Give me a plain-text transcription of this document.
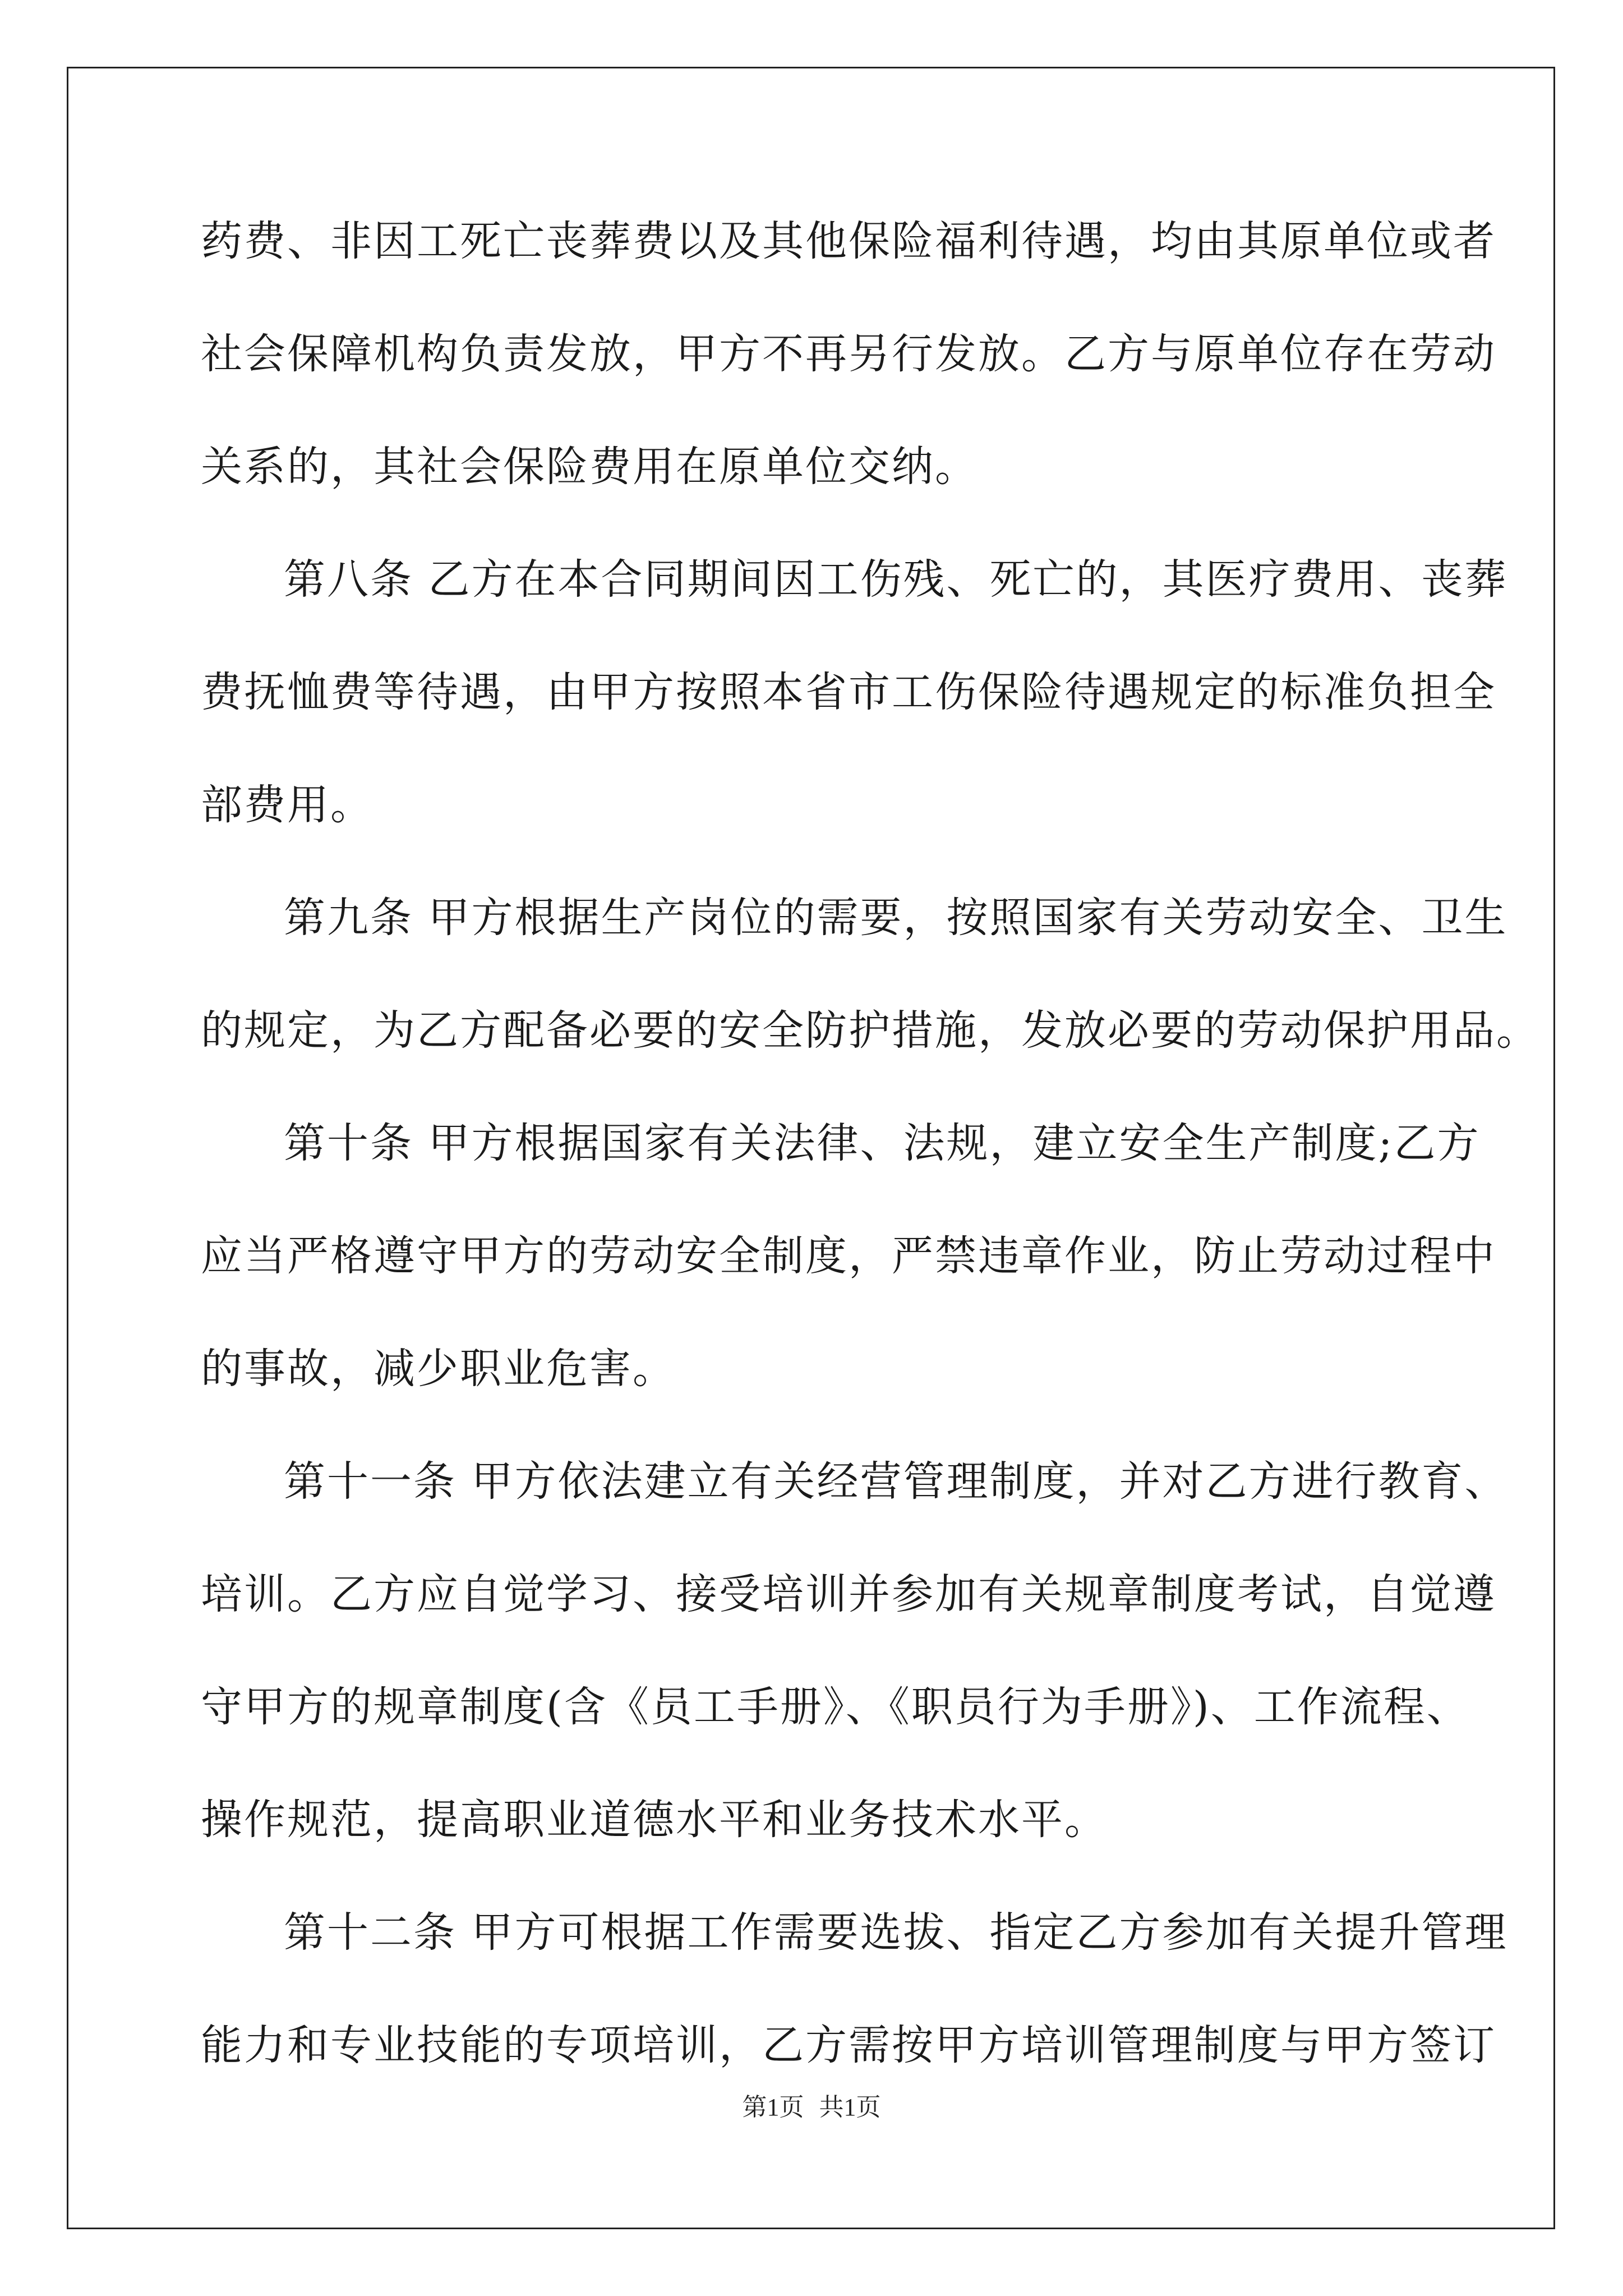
药费、非因工死亡丧葬费以及其他保险福利待遇，均由其原单位或者
社会保障机构负责发放，甲方不再另行发放。乙方与原单位存在劳动
关系的，其社会保险费用在原单位交纳。
第八条 乙方在本合同期间因工伤残、死亡的，其医疗费用、丧葬
费抚恤费等待遇，由甲方按照本省市工伤保险待遇规定的标准负担全
部费用。
第九条 甲方根据生产岗位的需要，按照国家有关劳动安全、卫生
的规定，为乙方配备必要的安全防护措施，发放必要的劳动保护用品。
第十条 甲方根据国家有关法律、法规，建立安全生产制度;乙方
应当严格遵守甲方的劳动安全制度，严禁违章作业，防止劳动过程中
的事故，减少职业危害。
第十一条 甲方依法建立有关经营管理制度，并对乙方进行教育、
培训。乙方应自觉学习、接受培训并参加有关规章制度考试，自觉遵
守甲方的规章制度(含《员工手册》、《职员行为手册》)、工作流程、
操作规范，提高职业道德水平和业务技术水平。
第十二条 甲方可根据工作需要选拔、指定乙方参加有关提升管理
能力和专业技能的专项培训，乙方需按甲方培训管理制度与甲方签订
第1页 共1页
